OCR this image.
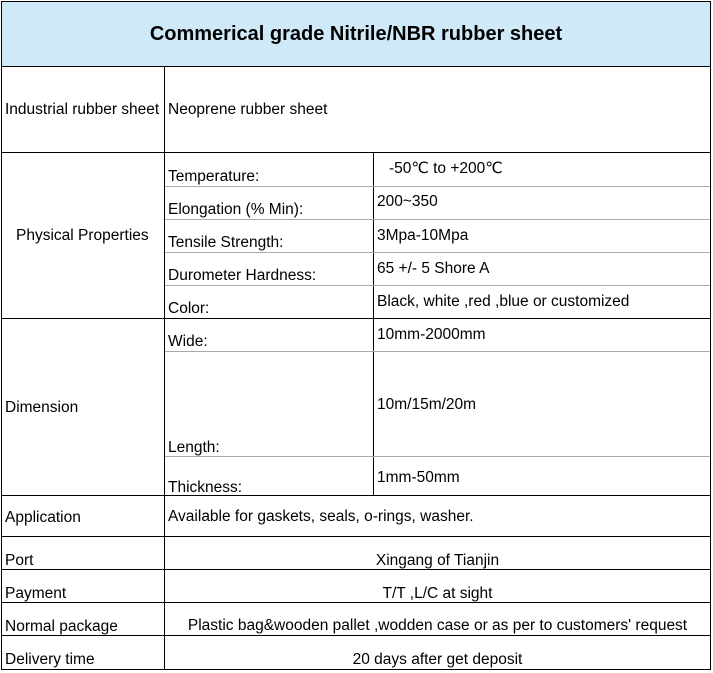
Commerical grade Nitrile/NBR rubber sheet
Industrial rubber sheet Neoprene rubber sheet
Physical Properties
Temperature:	-50℃ to +200℃
Elongation (% Min):	200~350
Tensile Strength:	3Mpa-10Mpa
Durometer Hardness:	65 +/- 5 Shore A
Color:	Black, white ,red ,blue or customized
Dimension
Wide:	10mm-2000mm
Length:
10m/15m/20m
Thickness:
1mm-50mm
Application	Available for gaskets, seals, o-rings, washer.
Port	Xingang of Tianjin
Payment	T/T ,L/C at sight
Normal package	Plastic bag&wooden pallet ,wodden case or as per to customers' request
Delivery time	20 days after get deposit
